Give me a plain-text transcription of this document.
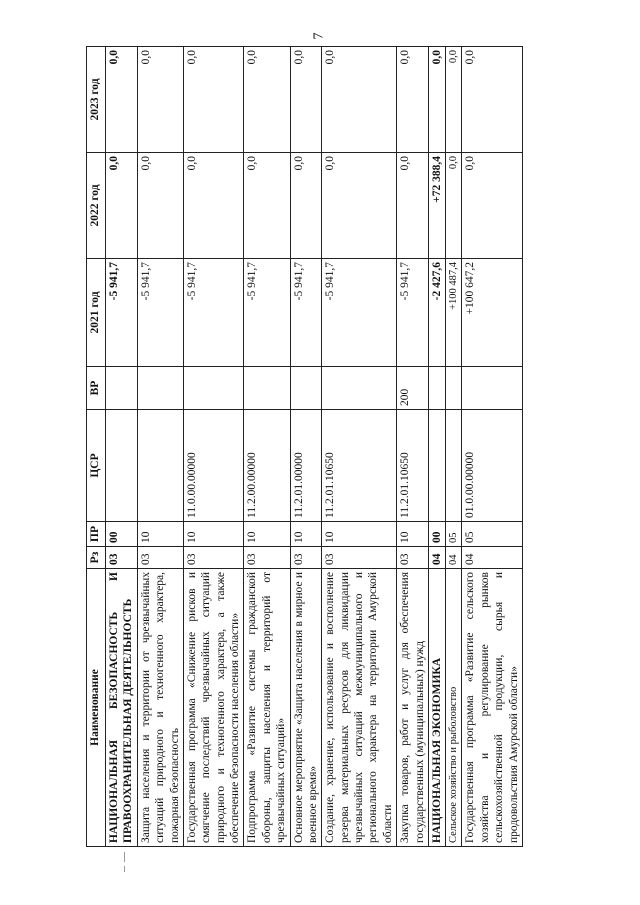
7
Наименование	Рз	ПР	ЦСР	ВР	2021 год	2022 год	2023 год
НАЦИОНАЛЬНАЯ БЕЗОПАСНОСТЬ И ПРАВООХРАНИТЕЛЬНАЯ ДЕЯТЕЛЬНОСТЬ	03	00			-5 941,7	0,0	0,0
Защита населения и территории от чрезвычайных ситуаций природного и техногенного характера, пожарная безопасность	03	10			-5 941,7	0,0	0,0
Государственная программа «Снижение рисков и смягчение последствий чрезвычайных ситуаций природного и техногенного характера, а также обеспечение безопасности населения области»	03	10	11.0.00.00000		-5 941,7	0,0	0,0
Подпрограмма «Развитие системы гражданской обороны, защиты населения и территорий от чрезвычайных ситуаций»	03	10	11.2.00.00000		-5 941,7	0,0	0,0
Основное мероприятие «Защита населения в мирное и военное время»	03	10	11.2.01.00000		-5 941,7	0,0	0,0
Создание, хранение, использование и восполнение резерва материальных ресурсов для ликвидации чрезвычайных ситуаций межмуниципального и регионального характера на территории Амурской области	03	10	11.2.01.10650		-5 941,7	0,0	0,0
Закупка товаров, работ и услуг для обеспечения государственных (муниципальных) нужд	03	10	11.2.01.10650	200	-5 941,7	0,0	0,0
НАЦИОНАЛЬНАЯ ЭКОНОМИКА	04	00			-2 427,6	+72 388,4	0,0
Сельское хозяйство и рыболовство	04	05			+100 487,4	0,0	0,0
Государственная программа «Развитие сельского хозяйства и регулирование рынков сельскохозяйственной продукции, сырья и продовольствия Амурской области»	04	05	01.0.00.00000		+100 647,2	0,0	0,0
